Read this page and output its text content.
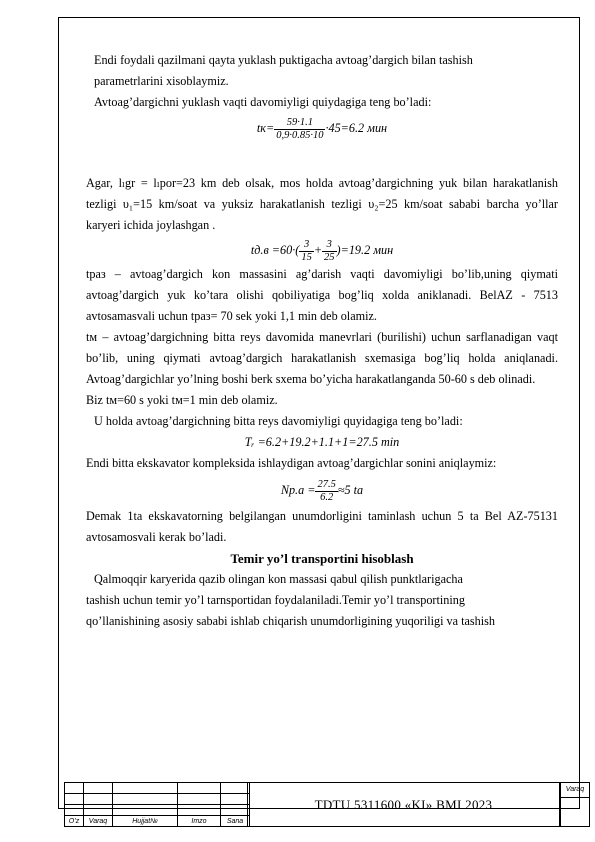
Endi foydali qazilmani qayta yuklash puktigacha avtoag’dargich bilan tashish

parametrlarini xisoblaymiz.

Avtoag’dargichni yuklash vaqti davomiyligi quiydagiga teng bo’ladi:

$tк= \frac{59\cdot 1.1}{0,9\cdot 0.85\cdot 10} \cdot 45=6.2$ мин

Agar, lₗgr = lₗpor=23 km deb olsak, mos holda avtoag’dargichning yuk bilan harakatlanish tezligi υ₁=15 km/soat va yuksiz harakatlanish tezligi υ₂=25 km/soat sababi barcha yo’llar karyeri ichida joylashgan .

$tд.в =60\cdot( \frac{3}{15} + \frac{3}{25} )=19.2$ мин

tраз – avtoag’dargich kon massasini ag’darish vaqti davomiyligi bo’lib,uning qiymati avtoag’dargich yuk ko’tara olishi qobiliyatiga bog’liq xolda aniklanadi. BelAZ - 7513 avtosamasvali uchun tраз= 70 sek yoki 1,1 min deb olamiz.

tм – avtoag’dargichning bitta reys davomida manevrlari (burilishi) uchun sarflanadigan vaqt bo’lib, uning qiymati avtoag’dargich harakatlanish sxemasiga bog’liq holda aniqlanadi. Avtoag’dargichlar yo’lning boshi berk sxema bo’yicha harakatlanganda 50-60 s deb olinadi.

Biz tм=60 s yoki tм=1 min deb olamiz.

U holda avtoag’dargichning bitta reys davomiyligi quyidagiga teng bo’ladi:

Tᵣ =6.2+19.2+1.1+1=27.5 min

Endi bitta ekskavator kompleksida ishlaydigan avtoag’dargichlar sonini aniqlaymiz:

$Nр.а = \frac{27.5}{6.2} \approx 5$ ta

Demak 1ta ekskavatorning belgilangan unumdorligini taminlash uchun 5 ta Bel AZ-75131 avtosamosvali kerak bo’ladi.

Temir yo’l transportini hisoblash

Qalmoqqir karyerida qazib olingan kon massasi qabul qilish punktlarigacha

tashish uchun temir yo’l tarnsportidan foydalaniladi.Temir yo’l transportining

qo’llanishining asosiy sababi ishlab chiqarish unumdorligining yuqoriligi va tashish

O’z	Varaq	Hujjat№	Imzo	Sana
TDTU 5311600 «KI» BMI 2023
Varaq
